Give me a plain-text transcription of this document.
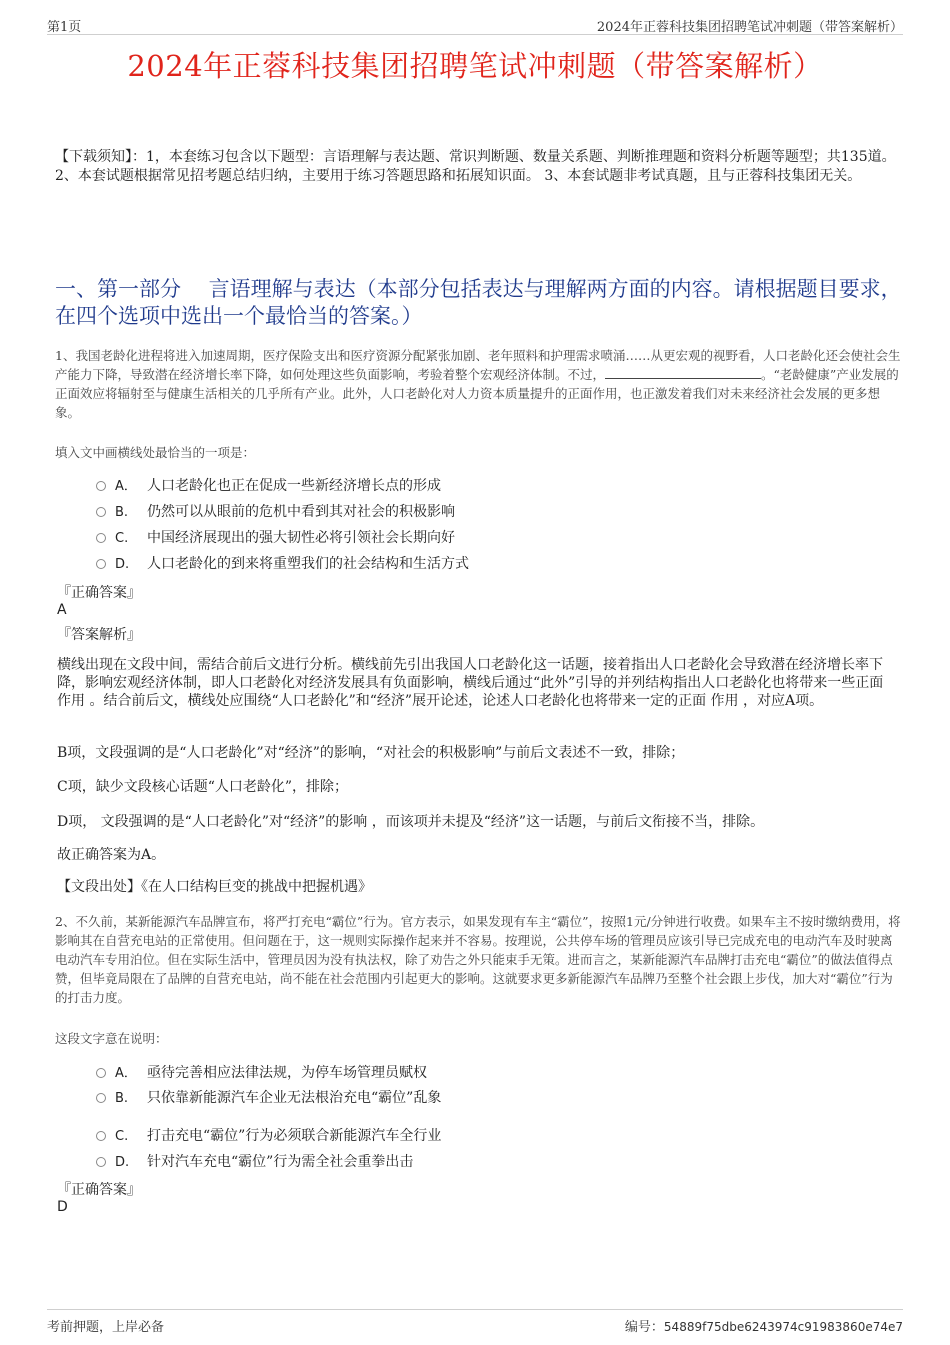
第1页	2024年正蓉科技集团招聘笔试冲刺题（带答案解析）
2024年正蓉科技集团招聘笔试冲刺题（带答案解析）
【下载须知】：1，本套练习包含以下题型：言语理解与表达题、常识判断题、数量关系题、判断推理题和资料分析题等题型；共135道。 2、本套试题根据常见招考题总结归纳，主要用于练习答题思路和拓展知识面。 3、本套试题非考试真题，且与正蓉科技集团无关。
一、第一部分　 言语理解与表达（本部分包括表达与理解两方面的内容。请根据题目要求，在四个选项中选出一个最恰当的答案。）
1、我国老龄化进程将进入加速周期，医疗保险支出和医疗资源分配紧张加剧、老年照料和护理需求喷涌……从更宏观的视野看，人口老龄化还会使社会生产能力下降，导致潜在经济增长率下降，如何处理这些负面影响，考验着整个宏观经济体制。不过，	。“老龄健康”产业发展的正面效应将辐射至与健康生活相关的几乎所有产业。此外，人口老龄化对人力资本质量提升的正面作用，也正激发着我们对未来经济社会发展的更多想象。
填入文中画横线处最恰当的一项是：
A． 人口老龄化也正在促成一些新经济增长点的形成
B. 仍然可以从眼前的危机中看到其对社会的积极影响
C. 中国经济展现出的强大韧性必将引领社会长期向好
D. 人口老龄化的到来将重塑我们的社会结构和生活方式
『正确答案』
A
『答案解析』
横线出现在文段中间，需结合前后文进行分析。横线前先引出我国人口老龄化这一话题，接着指出人口老龄化会导致潜在经济增长率下降，影响宏观经济体制，即人口老龄化对经济发展具有负面影响，横线后通过“此外”引导的并列结构指出人口老龄化也将带来一些正面 作用 。结合前后文，横线处应围绕“人口老龄化”和“经济”展开论述，论述人口老龄化也将带来一定的正面 作用 ，对应A项。
B项，文段强调的是“人口老龄化”对“经济”的影响，“对社会的积极影响”与前后文表述不一致，排除；
C项，缺少文段核心话题“人口老龄化”，排除；
D项， 文段强调的是“人口老龄化”对“经济”的影响 ，而该项并未提及“经济”这一话题，与前后文衔接不当，排除。
故正确答案为A。
【文段出处】《在人口结构巨变的挑战中把握机遇》
2、不久前，某新能源汽车品牌宣布，将严打充电“霸位”行为。官方表示，如果发现有车主“霸位”，按照1元/分钟进行收费。如果车主不按时缴纳费用，将影响其在自营充电站的正常使用。但问题在于，这一规则实际操作起来并不容易。按理说，公共停车场的管理员应该引导已完成充电的电动汽车及时驶离电动汽车专用泊位。但在实际生活中，管理员因为没有执法权，除了劝告之外只能束手无策。进而言之，某新能源汽车品牌打击充电“霸位”的做法值得点赞，但毕竟局限在了品牌的自营充电站，尚不能在社会范围内引起更大的影响。这就要求更多新能源汽车品牌乃至整个社会跟上步伐，加大对“霸位”行为的打击力度。
这段文字意在说明：
A． 亟待完善相应法律法规，为停车场管理员赋权
B. 只依靠新能源汽车企业无法根治充电“霸位”乱象
C. 打击充电“霸位”行为必须联合新能源汽车全行业
D. 针对汽车充电“霸位”行为需全社会重拳出击
『正确答案』
D
考前押题，上岸必备	编号：54889f75dbe6243974c91983860e74e7
